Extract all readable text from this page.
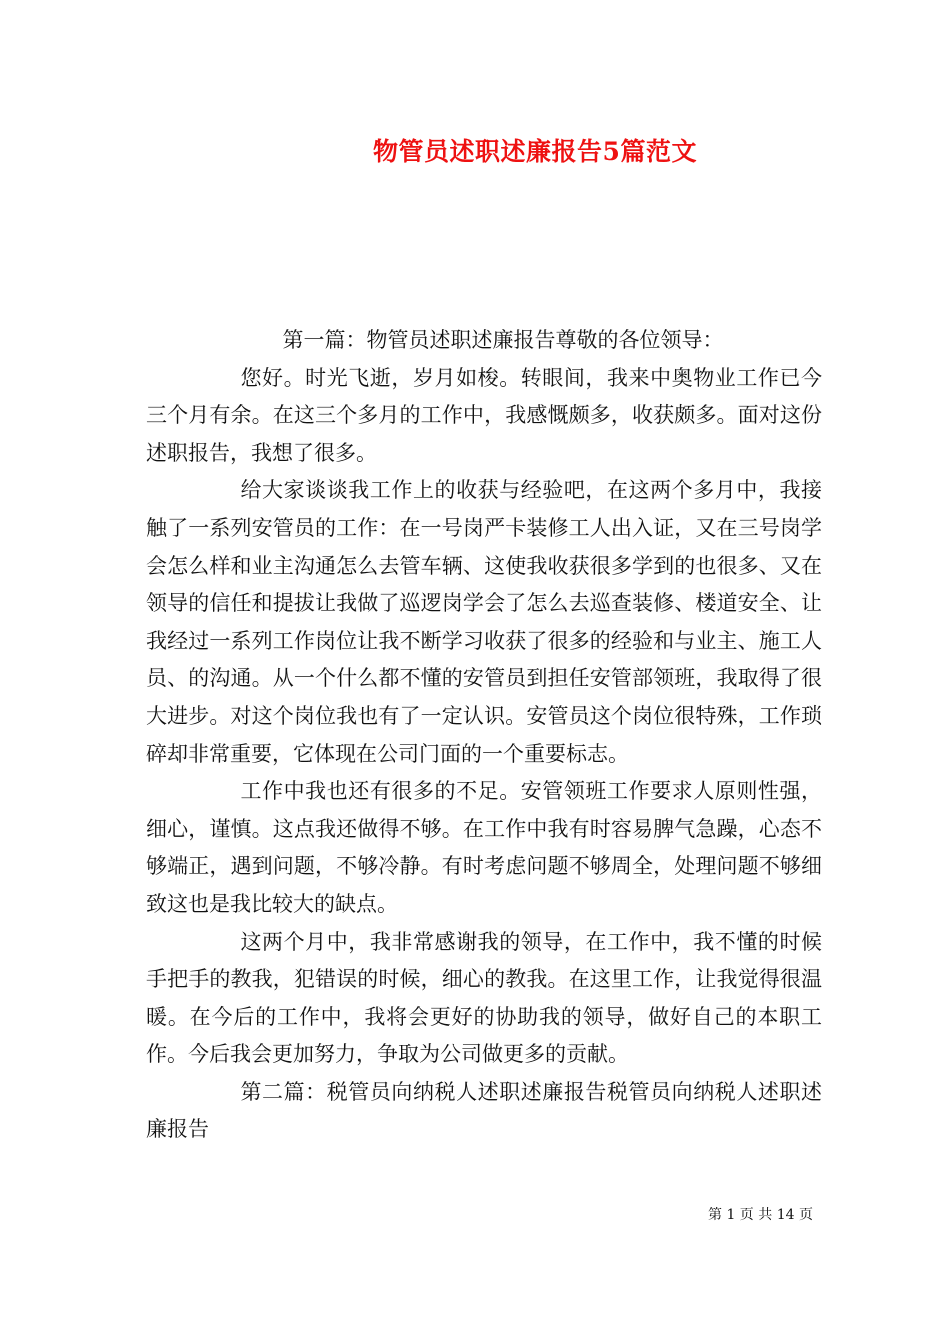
物管员述职述廉报告5篇范文

第一篇：物管员述职述廉报告尊敬的各位领导：

您好。时光飞逝，岁月如梭。转眼间，我来中奥物业工作已今三个月有余。在这三个多月的工作中，我感慨颇多，收获颇多。面对这份述职报告，我想了很多。

给大家谈谈我工作上的收获与经验吧，在这两个多月中，我接触了一系列安管员的工作：在一号岗严卡装修工人出入证，又在三号岗学会怎么样和业主沟通怎么去管车辆、这使我收获很多学到的也很多、又在领导的信任和提拔让我做了巡逻岗学会了怎么去巡查装修、楼道安全、让我经过一系列工作岗位让我不断学习收获了很多的经验和与业主、施工人员、的沟通。从一个什么都不懂的安管员到担任安管部领班，我取得了很大进步。对这个岗位我也有了一定认识。安管员这个岗位很特殊，工作琐碎却非常重要，它体现在公司门面的一个重要标志。

工作中我也还有很多的不足。安管领班工作要求人原则性强，细心，谨慎。这点我还做得不够。在工作中我有时容易脾气急躁，心态不够端正，遇到问题，不够冷静。有时考虑问题不够周全，处理问题不够细致这也是我比较大的缺点。

这两个月中，我非常感谢我的领导，在工作中，我不懂的时候手把手的教我，犯错误的时候，细心的教我。在这里工作，让我觉得很温暖。在今后的工作中，我将会更好的协助我的领导，做好自己的本职工作。今后我会更加努力，争取为公司做更多的贡献。

第二篇：税管员向纳税人述职述廉报告税管员向纳税人述职述廉报告

第 1 页 共 14 页
